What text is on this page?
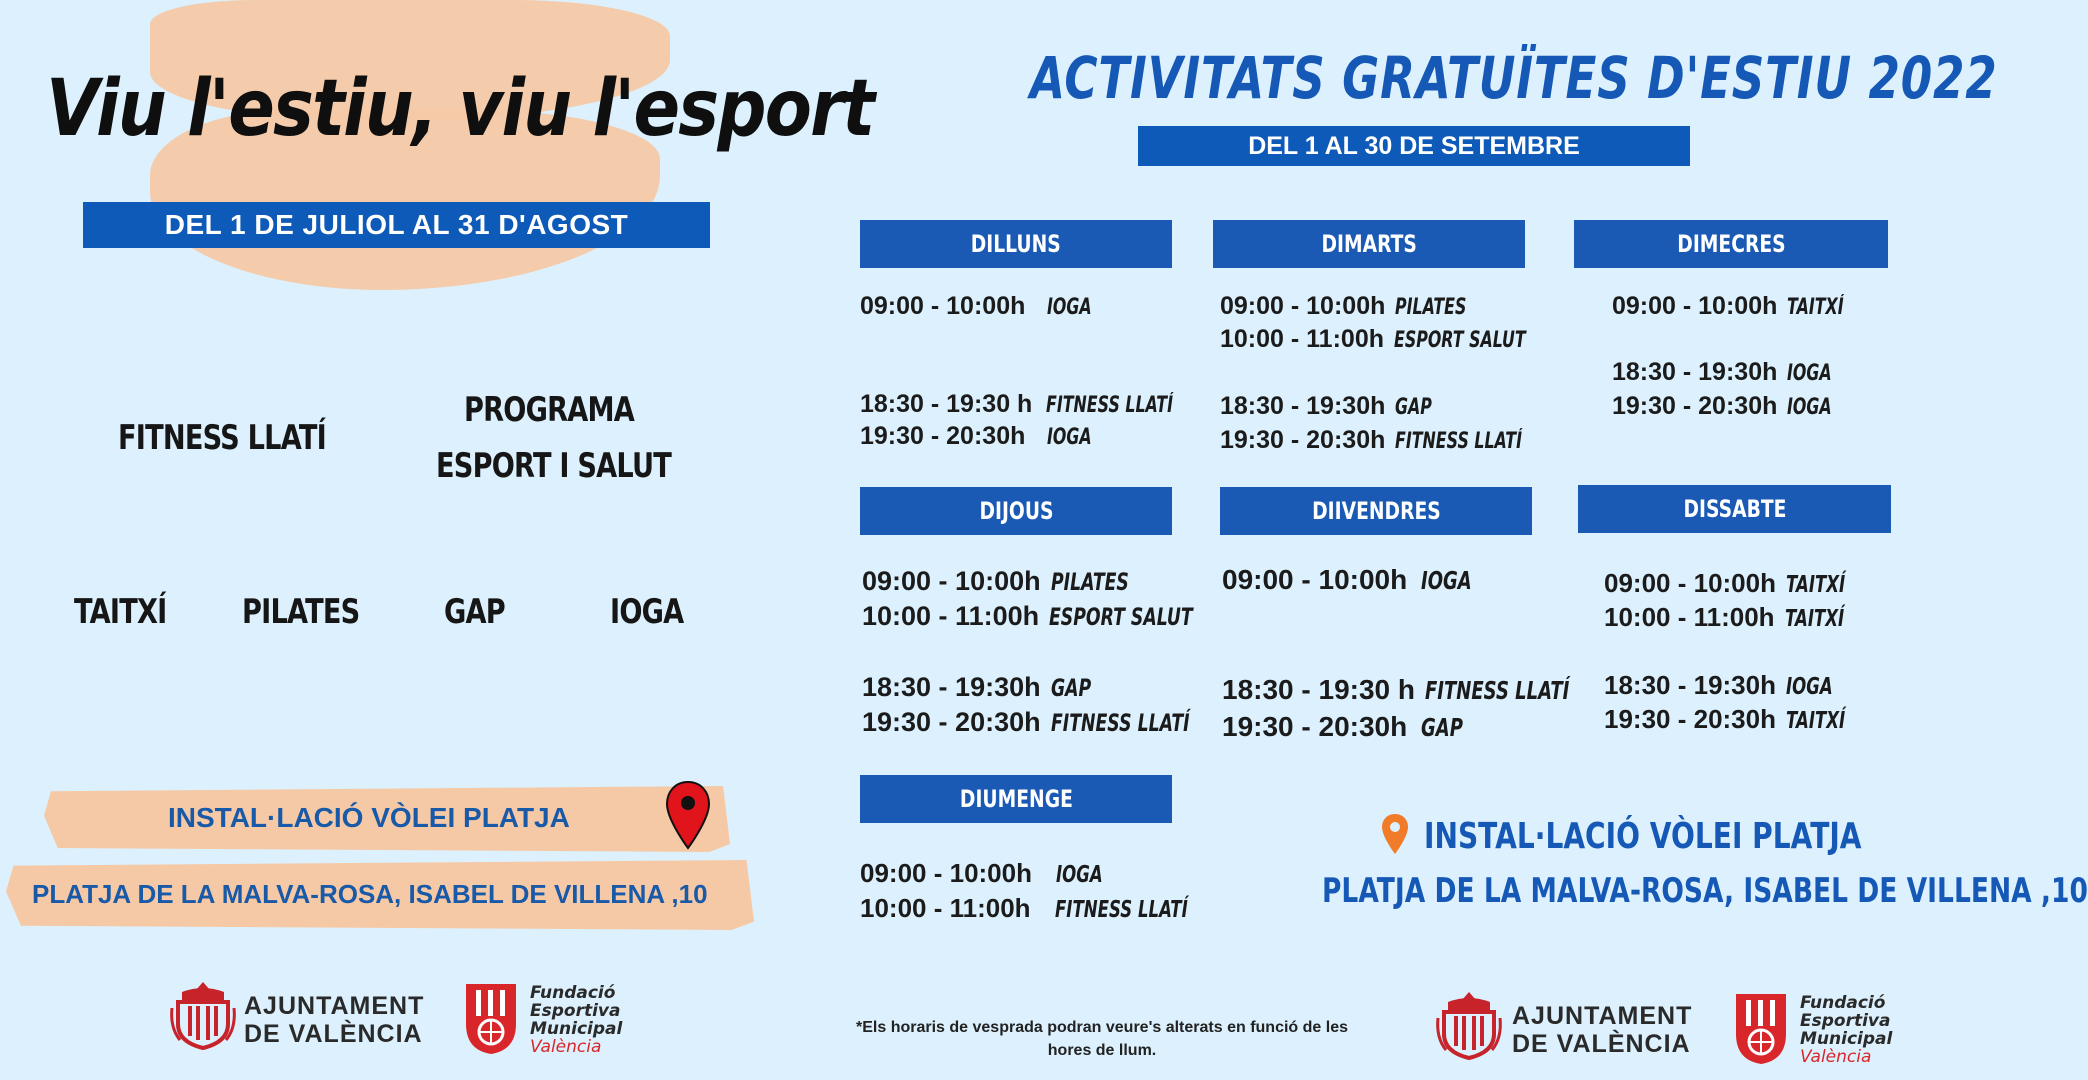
Viu l'estiu, viu l'esport
DEL 1 DE JULIOL AL 31 D'AGOST
FITNESS LLATÍ
PROGRAMA
ESPORT I SALUT
TAITXÍ PILATES GAP	IOGA
INSTAL·LACIÓ VÒLEI PLATJA
PLATJA DE LA MALVA-ROSA, ISABEL DE VILLENA ,10
AJUNTAMENT
DE VALÈNCIA
Fundació
Esportiva
Municipal
València
ACTIVITATS GRATUÏTES D'ESTIU 2022
DEL 1 AL 30 DE SETEMBRE
DILLUNS
09:00 - 10:00h IOGA
18:30 - 19:30 h FITNESS LLATÍ
19:30 - 20:30h IOGA
DIMARTS
09:00 - 10:00h PILATES
10:00 - 11:00h ESPORT SALUT
18:30 - 19:30h GAP
19:30 - 20:30h FITNESS LLATÍ
DIMECRES
09:00 - 10:00h TAITXÍ
18:30 - 19:30h IOGA
19:30 - 20:30h IOGA
DIJOUS
09:00 - 10:00h PILATES
10:00 - 11:00h ESPORT SALUT
18:30 - 19:30h GAP
19:30 - 20:30h FITNESS LLATÍ
DIIVENDRES
09:00 - 10:00h IOGA
18:30 - 19:30 h FITNESS LLATÍ
19:30 - 20:30h GAP
DISSABTE
09:00 - 10:00h TAITXÍ
10:00 - 11:00h TAITXÍ
18:30 - 19:30h IOGA
19:30 - 20:30h TAITXÍ
DIUMENGE
09:00 - 10:00h IOGA
10:00 - 11:00h FITNESS LLATÍ
INSTAL·LACIÓ VÒLEI PLATJA
PLATJA DE LA MALVA-ROSA, ISABEL DE VILLENA ,10
*Els horaris de vesprada podran veure's alterats en funció de les
hores de llum.
AJUNTAMENT
DE VALÈNCIA
Fundació
Esportiva
Municipal
València
